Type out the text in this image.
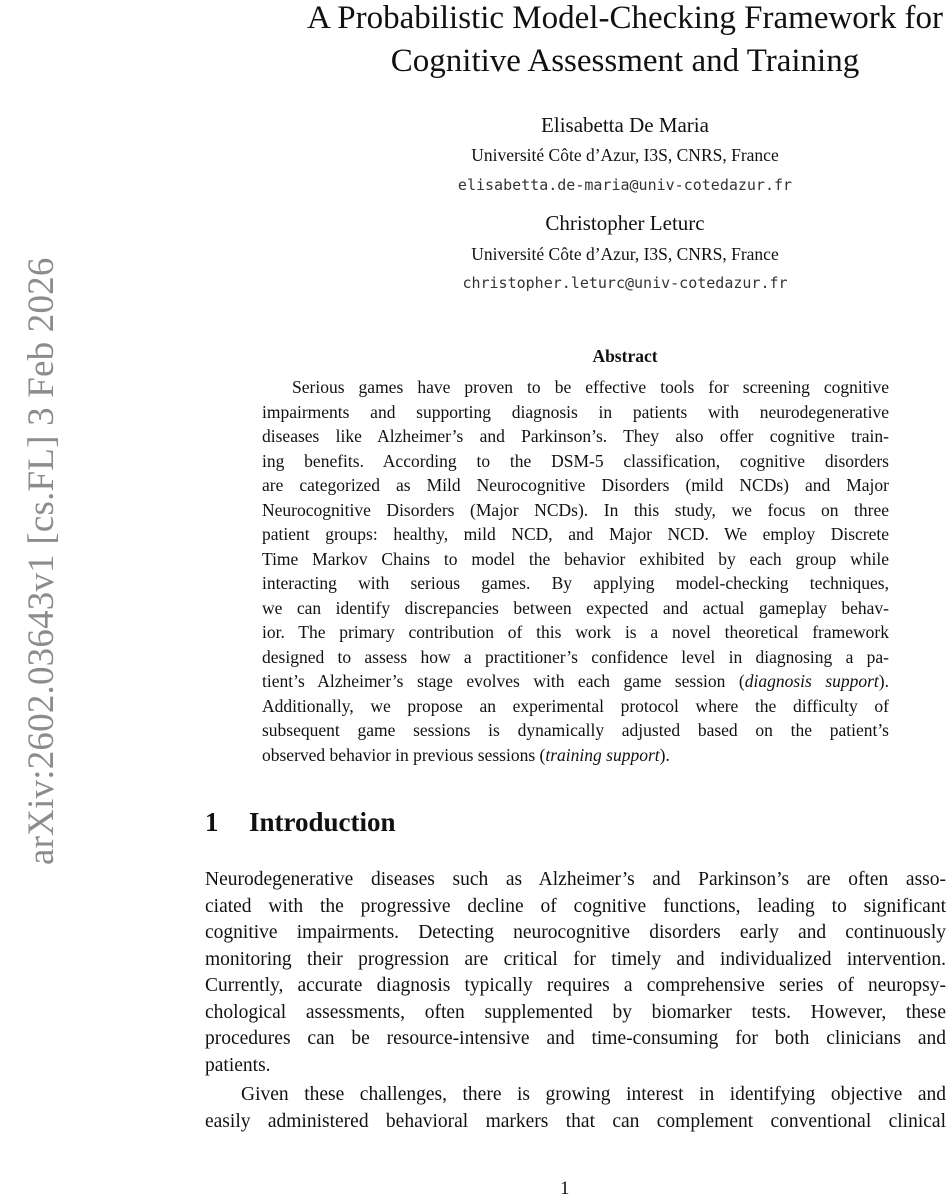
arXiv:2602.03643v1 [cs.FL] 3 Feb 2026
A Probabilistic Model-Checking Framework for
Cognitive Assessment and Training
Elisabetta De Maria
Université Côte d’Azur, I3S, CNRS, France
elisabetta.de-maria@univ-cotedazur.fr
Christopher Leturc
Université Côte d’Azur, I3S, CNRS, France
christopher.leturc@univ-cotedazur.fr
Abstract
Serious games have proven to be effective tools for screening cognitive
impairments and supporting diagnosis in patients with neurodegenerative
diseases like Alzheimer’s and Parkinson’s. They also offer cognitive train-
ing benefits. According to the DSM-5 classification, cognitive disorders
are categorized as Mild Neurocognitive Disorders (mild NCDs) and Major
Neurocognitive Disorders (Major NCDs). In this study, we focus on three
patient groups: healthy, mild NCD, and Major NCD. We employ Discrete
Time Markov Chains to model the behavior exhibited by each group while
interacting with serious games. By applying model-checking techniques,
we can identify discrepancies between expected and actual gameplay behav-
ior. The primary contribution of this work is a novel theoretical framework
designed to assess how a practitioner’s confidence level in diagnosing a pa-
tient’s Alzheimer’s stage evolves with each game session (diagnosis support).
Additionally, we propose an experimental protocol where the difficulty of
subsequent game sessions is dynamically adjusted based on the patient’s
observed behavior in previous sessions (training support).
1 Introduction
Neurodegenerative diseases such as Alzheimer’s and Parkinson’s are often asso-
ciated with the progressive decline of cognitive functions, leading to significant
cognitive impairments. Detecting neurocognitive disorders early and continuously
monitoring their progression are critical for timely and individualized intervention.
Currently, accurate diagnosis typically requires a comprehensive series of neuropsy-
chological assessments, often supplemented by biomarker tests. However, these
procedures can be resource-intensive and time-consuming for both clinicians and
patients.
Given these challenges, there is growing interest in identifying objective and
easily administered behavioral markers that can complement conventional clinical
1
